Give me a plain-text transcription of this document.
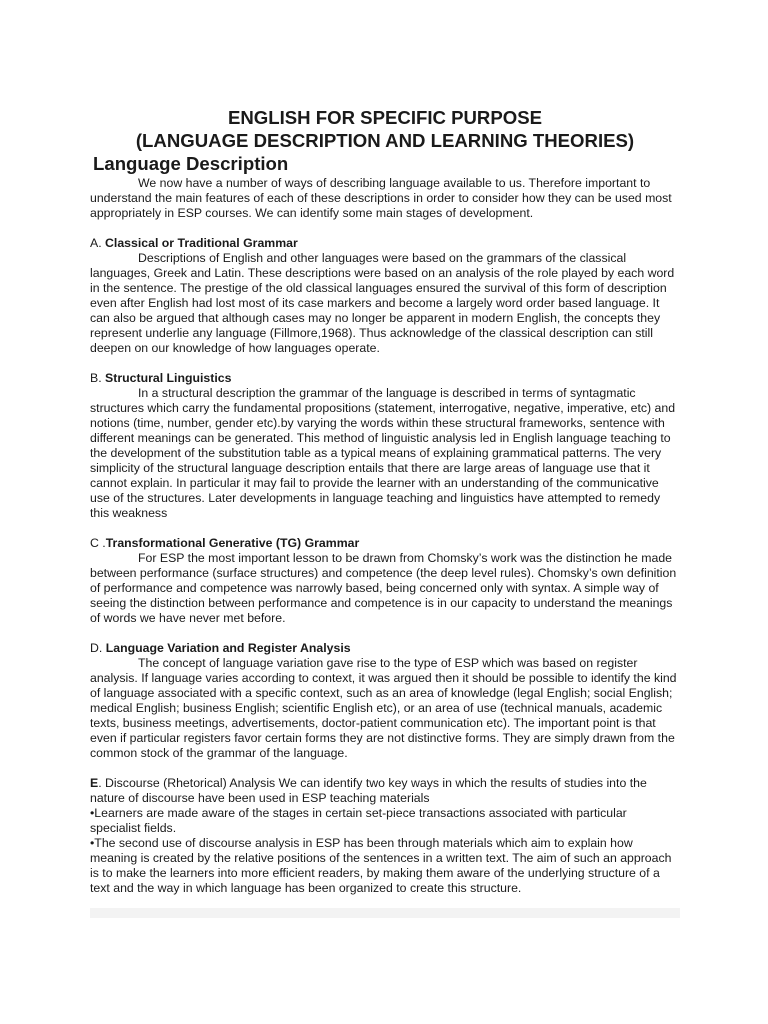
ENGLISH FOR SPECIFIC PURPOSE
(LANGUAGE DESCRIPTION AND LEARNING THEORIES)
Language Description

We now have a number of ways of describing language available to us. Therefore important to understand the main features of each of these descriptions in order to consider how they can be used most appropriately in ESP courses. We can identify some main stages of development.

A. Classical or Traditional Grammar

Descriptions of English and other languages were based on the grammars of the classical languages, Greek and Latin. These descriptions were based on an analysis of the role played by each word in the sentence. The prestige of the old classical languages ensured the survival of this form of description even after English had lost most of its case markers and become a largely word order based language. It can also be argued that although cases may no longer be apparent in modern English, the concepts they represent underlie any language (Fillmore,1968). Thus acknowledge of the classical description can still deepen on our knowledge of how languages operate.

B. Structural Linguistics

In a structural description the grammar of the language is described in terms of syntagmatic structures which carry the fundamental propositions (statement, interrogative, negative, imperative, etc) and notions (time, number, gender etc).by varying the words within these structural frameworks, sentence with different meanings can be generated. This method of linguistic analysis led in English language teaching to the development of the substitution table as a typical means of explaining grammatical patterns. The very simplicity of the structural language description entails that there are large areas of language use that it cannot explain. In particular it may fail to provide the learner with an understanding of the communicative use of the structures. Later developments in language teaching and linguistics have attempted to remedy this weakness

C .Transformational Generative (TG) Grammar

For ESP the most important lesson to be drawn from Chomsky’s work was the distinction he made between performance (surface structures) and competence (the deep level rules). Chomsky’s own definition of performance and competence was narrowly based, being concerned only with syntax. A simple way of seeing the distinction between performance and competence is in our capacity to understand the meanings of words we have never met before.

D. Language Variation and Register Analysis

The concept of language variation gave rise to the type of ESP which was based on register analysis. If language varies according to context, it was argued then it should be possible to identify the kind of language associated with a specific context, such as an area of knowledge (legal English; social English; medical English; business English; scientific English etc), or an area of use (technical manuals, academic texts, business meetings, advertisements, doctor-patient communication etc). The important point is that even if particular registers favor certain forms they are not distinctive forms. They are simply drawn from the common stock of the grammar of the language.

E. Discourse (Rhetorical) Analysis We can identify two key ways in which the results of studies into the nature of discourse have been used in ESP teaching materials

•Learners are made aware of the stages in certain set-piece transactions associated with particular specialist fields.

•The second use of discourse analysis in ESP has been through materials which aim to explain how meaning is created by the relative positions of the sentences in a written text. The aim of such an approach is to make the learners into more efficient readers, by making them aware of the underlying structure of a text and the way in which language has been organized to create this structure.
